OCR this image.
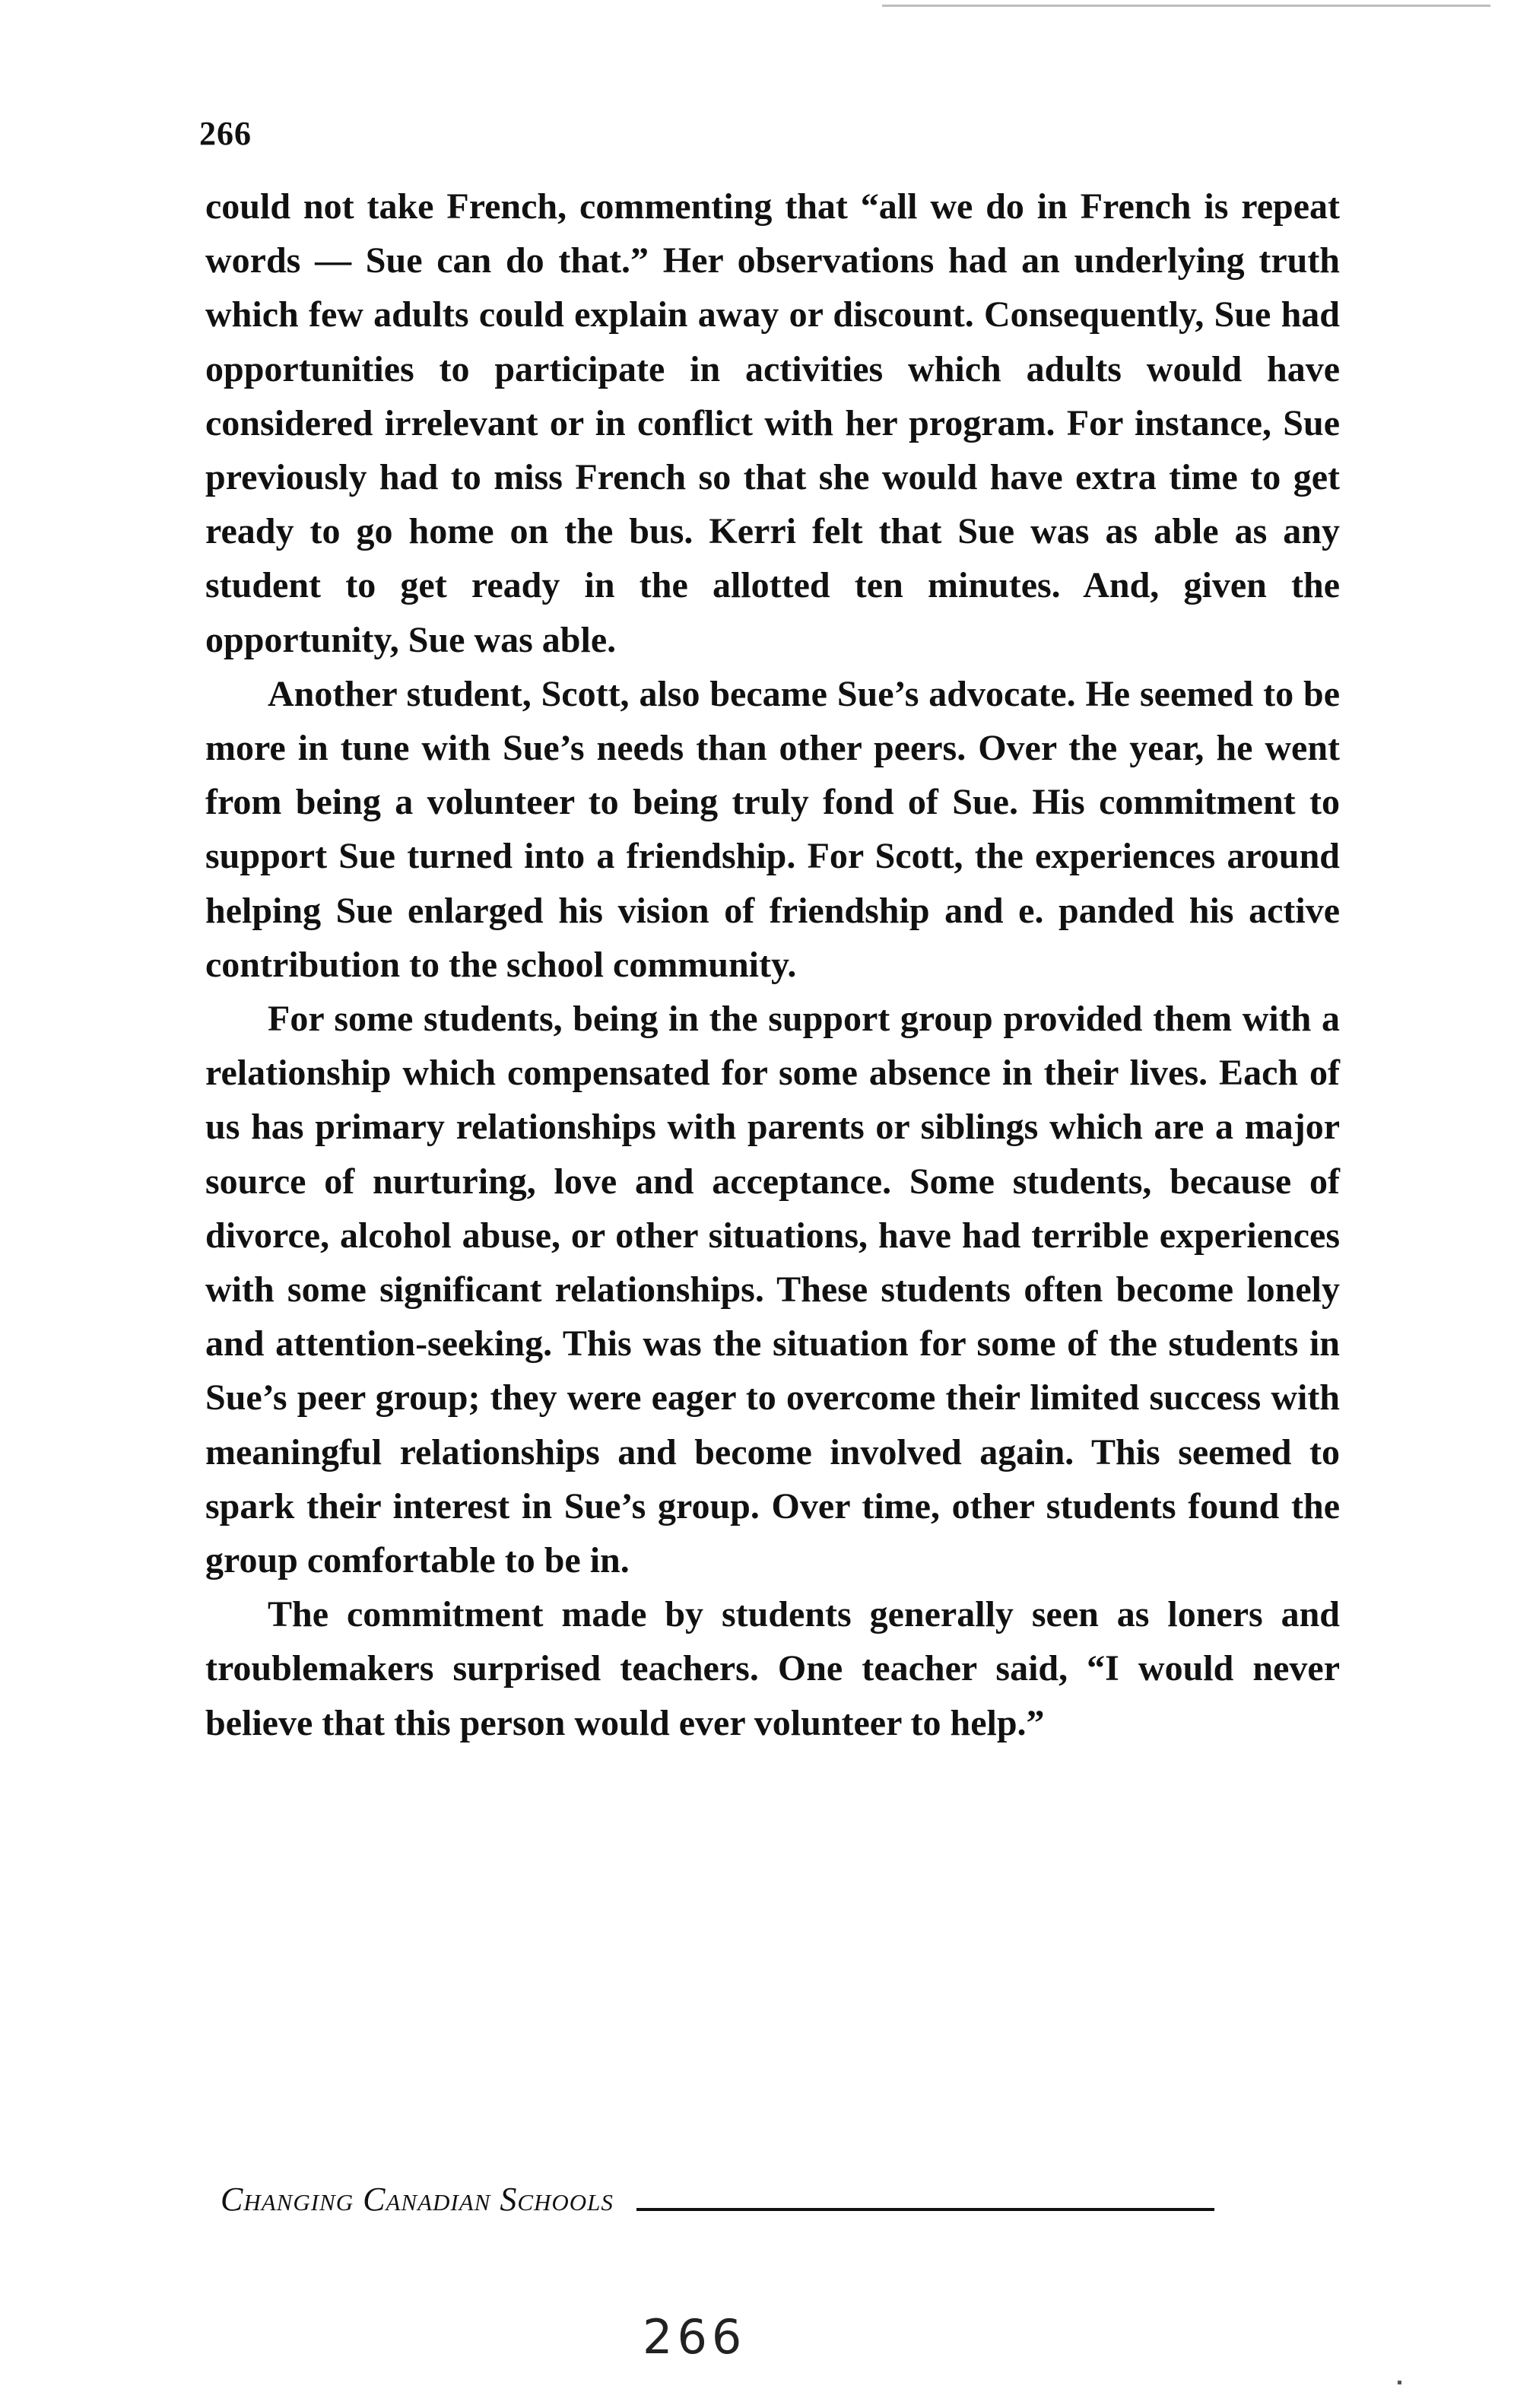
266

could not take French, commenting that “all we do in French is repeat words — Sue can do that.” Her observations had an underlying truth which few adults could explain away or discount. Consequently, Sue had opportunities to participate in activities which adults would have considered irrelevant or in conflict with her program. For instance, Sue previously had to miss French so that she would have extra time to get ready to go home on the bus. Kerri felt that Sue was as able as any student to get ready in the allotted ten minutes. And, given the opportunity, Sue was able.

Another student, Scott, also became Sue’s advocate. He seemed to be more in tune with Sue’s needs than other peers. Over the year, he went from being a volunteer to being truly fond of Sue. His commitment to support Sue turned into a friendship. For Scott, the experiences around helping Sue enlarged his vision of friendship and e. panded his active contribution to the school community.

For some students, being in the support group provided them with a relationship which compensated for some absence in their lives. Each of us has primary relationships with parents or siblings which are a major source of nurturing, love and acceptance. Some students, because of divorce, alcohol abuse, or other situations, have had terrible experiences with some significant relationships. These students often become lonely and attention-seeking. This was the situation for some of the students in Sue’s peer group; they were eager to overcome their limited success with meaningful relationships and become involved again. This seemed to spark their interest in Sue’s group. Over time, other students found the group comfortable to be in.

The commitment made by students generally seen as loners and troublemakers surprised teachers. One teacher said, “I would never believe that this person would ever volunteer to help.”

Changing Canadian Schools
266
